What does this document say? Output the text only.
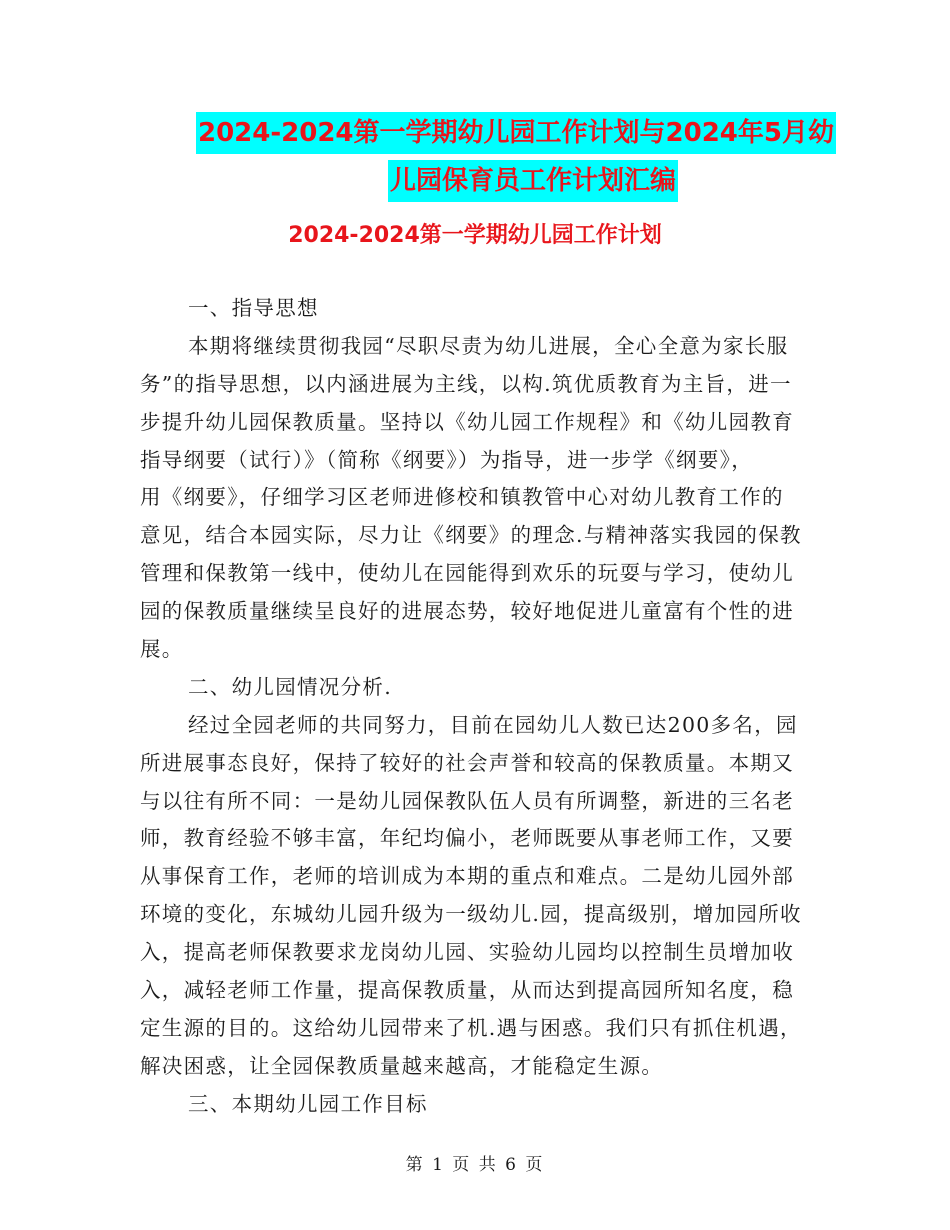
2024-2024第一学期幼儿园工作计划与2024年5月幼
儿园保育员工作计划汇编
2024-2024第一学期幼儿园工作计划
一、指导思想
本期将继续贯彻我园“尽职尽责为幼儿进展，全心全意为家长服
务”的指导思想，以内涵进展为主线，以构.筑优质教育为主旨，进一
步提升幼儿园保教质量。坚持以《幼儿园工作规程》和《幼儿园教育
指导纲要（试行）》（简称《纲要》）为指导，进一步学《纲要》，
用《纲要》，仔细学习区老师进修校和镇教管中心对幼儿教育工作的
意见，结合本园实际，尽力让《纲要》的理念.与精神落实我园的保教
管理和保教第一线中，使幼儿在园能得到欢乐的玩耍与学习，使幼儿
园的保教质量继续呈良好的进展态势，较好地促进儿童富有个性的进
展。
二、幼儿园情况分析.
经过全园老师的共同努力，目前在园幼儿人数已达200多名，园
所进展事态良好，保持了较好的社会声誉和较高的保教质量。本期又
与以往有所不同：一是幼儿园保教队伍人员有所调整，新进的三名老
师，教育经验不够丰富，年纪均偏小，老师既要从事老师工作，又要
从事保育工作，老师的培训成为本期的重点和难点。二是幼儿园外部
环境的变化，东城幼儿园升级为一级幼儿.园，提高级别，增加园所收
入，提高老师保教要求龙岗幼儿园、实验幼儿园均以控制生员增加收
入，减轻老师工作量，提高保教质量，从而达到提高园所知名度，稳
定生源的目的。这给幼儿园带来了机.遇与困惑。我们只有抓住机遇，
解决困惑，让全园保教质量越来越高，才能稳定生源。
三、本期幼儿园工作目标
第 1 页 共 6 页
